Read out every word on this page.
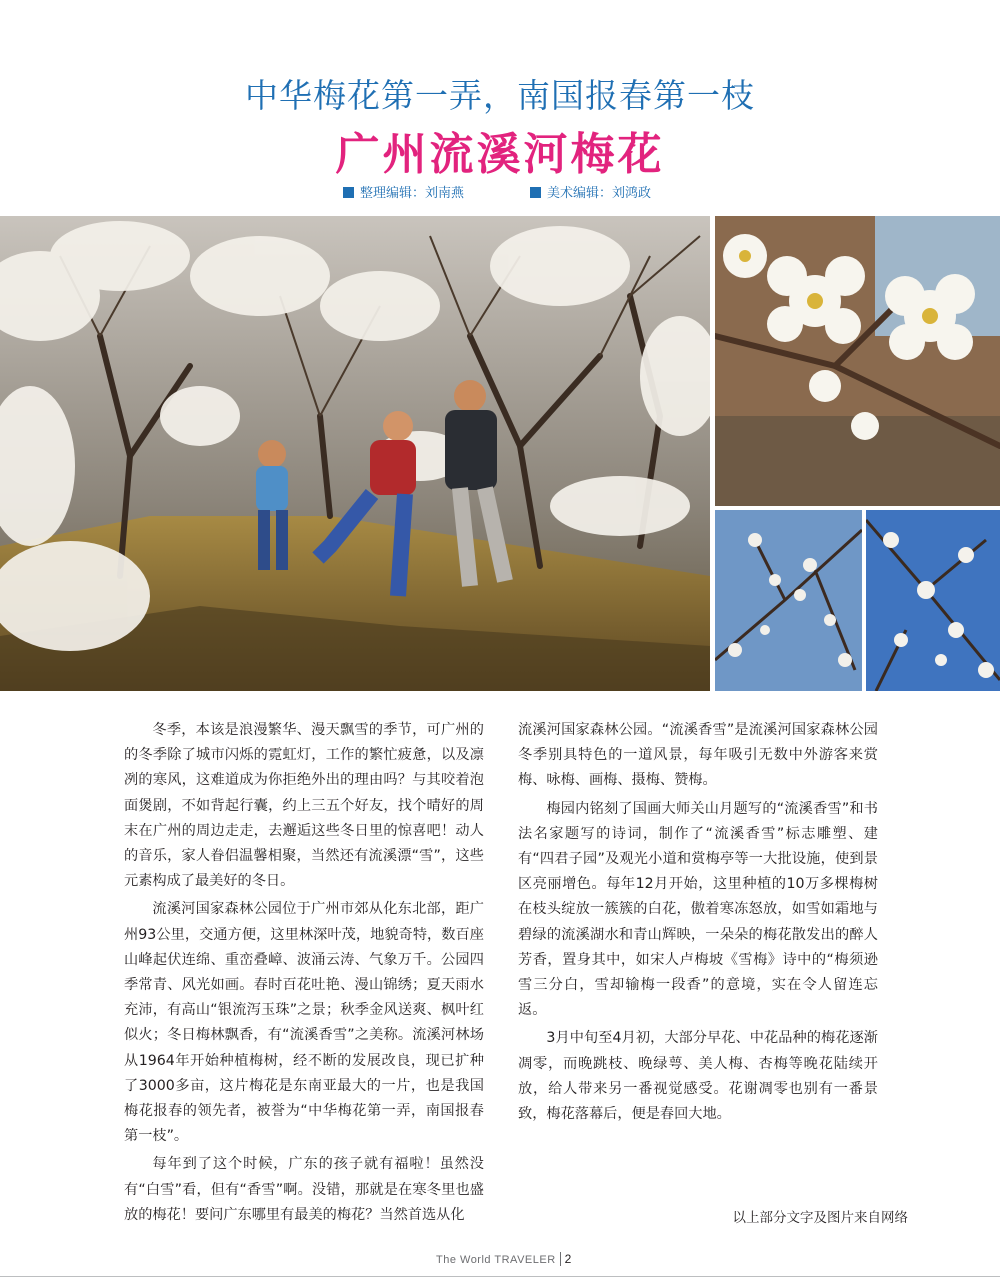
中华梅花第一弄，南国报春第一枝
广州流溪河梅花
整理编辑：刘南燕	美术编辑：刘鸿政

冬季，本该是浪漫繁华、漫天飘雪的季节，可广州的的冬季除了城市闪烁的霓虹灯，工作的繁忙疲惫，以及凛冽的寒风，这难道成为你拒绝外出的理由吗？与其咬着泡面煲剧，不如背起行囊，约上三五个好友，找个晴好的周末在广州的周边走走，去邂逅这些冬日里的惊喜吧！动人的音乐，家人眷侣温馨相聚，当然还有流溪漂“雪”，这些元素构成了最美好的冬日。

流溪河国家森林公园位于广州市郊从化东北部，距广州93公里，交通方便，这里林深叶茂，地貌奇特，数百座山峰起伏连绵、重峦叠嶂、波涌云涛、气象万千。公园四季常青、风光如画。春时百花吐艳、漫山锦绣；夏天雨水充沛，有高山“银流泻玉珠”之景；秋季金风送爽、枫叶红似火；冬日梅林飘香，有“流溪香雪”之美称。流溪河林场从1964年开始种植梅树，经不断的发展改良，现已扩种了3000多亩，这片梅花是东南亚最大的一片，也是我国梅花报春的领先者，被誉为“中华梅花第一弄，南国报春第一枝”。

每年到了这个时候，广东的孩子就有福啦！虽然没有“白雪”看，但有“香雪”啊。没错，那就是在寒冬里也盛放的梅花！要问广东哪里有最美的梅花？当然首选从化

流溪河国家森林公园。“流溪香雪”是流溪河国家森林公园冬季别具特色的一道风景，每年吸引无数中外游客来赏梅、咏梅、画梅、摄梅、赞梅。

梅园内铭刻了国画大师关山月题写的“流溪香雪”和书法名家题写的诗词，制作了“流溪香雪”标志雕塑、建有“四君子园”及观光小道和赏梅亭等一大批设施，使到景区亮丽增色。每年12月开始，这里种植的10万多棵梅树在枝头绽放一簇簇的白花，傲着寒冻怒放，如雪如霜地与碧绿的流溪湖水和青山辉映，一朵朵的梅花散发出的醉人芳香，置身其中，如宋人卢梅坡《雪梅》诗中的“梅须逊雪三分白，雪却输梅一段香”的意境，实在令人留连忘返。

3月中旬至4月初，大部分早花、中花品种的梅花逐渐凋零，而晚跳枝、晚绿萼、美人梅、杏梅等晚花陆续开放，给人带来另一番视觉感受。花谢凋零也别有一番景致，梅花落幕后，便是春回大地。

以上部分文字及图片来自网络
The World TRAVELER 2
